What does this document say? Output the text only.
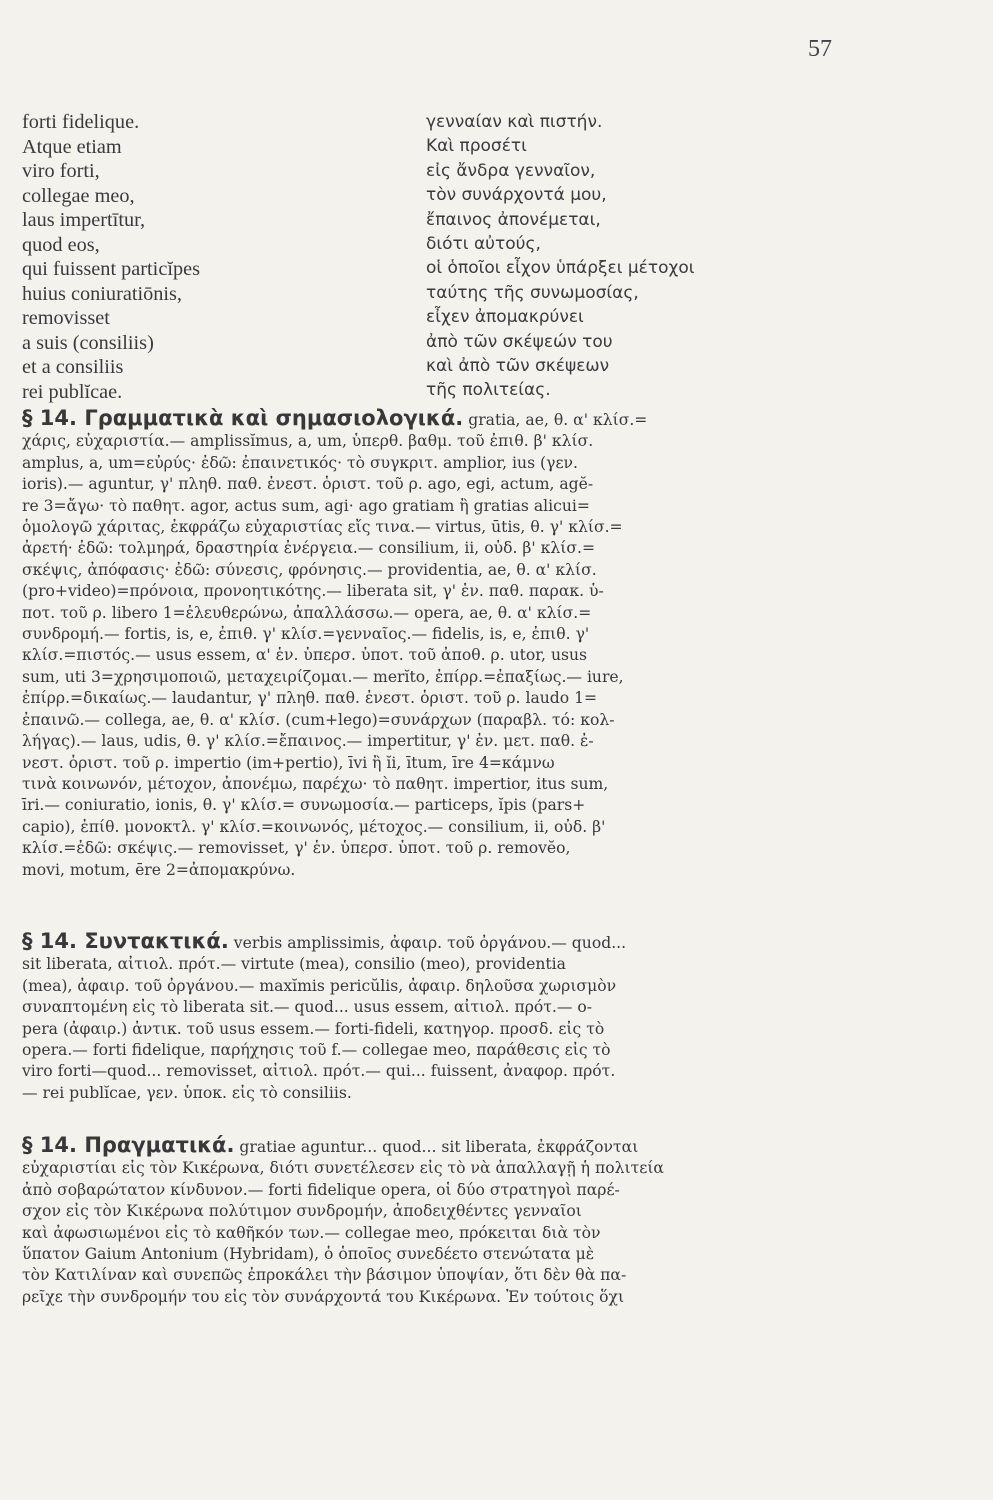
57
forti fidelique.
Atque etiam
viro forti,
collegae meo,
laus impertītur,
quod eos,
qui fuissent particĭpes
huius coniuratiōnis,
removisset
a suis (consiliis)
et a consiliis
rei publĭcae.
γενναίαν καὶ πιστήν.
Καὶ προσέτι
εἰς ἄνδρα γενναῖον,
τὸν συνάρχοντά μου,
ἔπαινος ἀπονέμεται,
διότι αὐτούς,
οἱ ὁποῖοι εἶχον ὑπάρξει μέτοχοι
ταύτης τῆς συνωμοσίας,
εἶχεν ἀπομακρύνει
ἀπὸ τῶν σκέψεών του
καὶ ἀπὸ τῶν σκέψεων
τῆς πολιτείας.
§ 14. Γραμματικὰ καὶ σημασιολογικά. gratia, ae, θ. α' κλίσ.=
χάρις, εὐχαριστία.— amplissĭmus, a, um, ὑπερθ. βαθμ. τοῦ ἐπιθ. β' κλίσ.
amplus, a, um=εὐρύς· ἐδῶ: ἐπαινετικός· τὸ συγκριτ. amplior, ius (γεν.
ioris).— aguntur, γ' πληθ. παθ. ἐνεστ. ὁριστ. τοῦ ρ. ago, egi, actum, agĕ-
re 3=ἄγω· τὸ παθητ. agor, actus sum, agi· ago gratiam ἢ gratias alicui=
ὁμολογῶ χάριτας, ἐκφράζω εὐχαριστίας εἴς τινα.— virtus, ūtis, θ. γ' κλίσ.=
ἀρετή· ἐδῶ: τολμηρά, δραστηρία ἐνέργεια.— consilium, ii, οὐδ. β' κλίσ.=
σκέψις, ἀπόφασις· ἐδῶ: σύνεσις, φρόνησις.— providentia, ae, θ. α' κλίσ.
(pro+video)=πρόνοια, προνοητικότης.— liberata sit, γ' ἑν. παθ. παρακ. ὑ-
ποτ. τοῦ ρ. libero 1=ἐλευθερώνω, ἀπαλλάσσω.— opera, ae, θ. α' κλίσ.=
συνδρομή.— fortis, is, e, ἐπιθ. γ' κλίσ.=γενναῖος.— fidelis, is, e, ἐπιθ. γ'
κλίσ.=πιστός.— usus essem, α' ἑν. ὑπερσ. ὑποτ. τοῦ ἀποθ. ρ. utor, usus
sum, uti 3=χρησιμοποιῶ, μεταχειρίζομαι.— merĭto, ἐπίρρ.=ἐπαξίως.— iure,
ἐπίρρ.=δικαίως.— laudantur, γ' πληθ. παθ. ἐνεστ. ὁριστ. τοῦ ρ. laudo 1=
ἐπαινῶ.— collega, ae, θ. α' κλίσ. (cum+lego)=συνάρχων (παραβλ. τό: κολ-
λήγας).— laus, udis, θ. γ' κλίσ.=ἔπαινος.— impertitur, γ' ἑν. μετ. παθ. ἐ-
νεστ. ὁριστ. τοῦ ρ. impertio (im+pertio), īvi ἢ ĭi, ītum, īre 4=κάμνω
τινὰ κοινωνόν, μέτοχον, ἀπονέμω, παρέχω· τὸ παθητ. impertior, itus sum,
īri.— coniuratio, ionis, θ. γ' κλίσ.= συνωμοσία.— particeps, ĭpis (pars+
capio), ἐπίθ. μονοκτλ. γ' κλίσ.=κοινωνός, μέτοχος.— consilium, ii, οὐδ. β'
κλίσ.=ἐδῶ: σκέψις.— removisset, γ' ἑν. ὑπερσ. ὑποτ. τοῦ ρ. removĕo,
movi, motum, ēre 2=ἀπομακρύνω.
§ 14. Συντακτικά. verbis amplissimis, ἀφαιρ. τοῦ ὀργάνου.— quod...
sit liberata, αἰτιολ. πρότ.— virtute (mea), consilio (meo), providentia
(mea), ἀφαιρ. τοῦ ὀργάνου.— maxĭmis pericŭlis, ἀφαιρ. δηλοῦσα χωρισμὸν
συναπτομένη εἰς τὸ liberata sit.— quod... usus essem, αἰτιολ. πρότ.— o-
pera (ἀφαιρ.) ἀντικ. τοῦ usus essem.— forti-fideli, κατηγορ. προσδ. εἰς τὸ
opera.— forti fidelique, παρήχησις τοῦ f.— collegae meo, παράθεσις εἰς τὸ
viro forti—quod... removisset, αἰτιολ. πρότ.— qui... fuissent, ἀναφορ. πρότ.
— rei publĭcae, γεν. ὑποκ. εἰς τὸ consiliis.
§ 14. Πραγματικά. gratiae aguntur... quod... sit liberata, ἐκφράζονται
εὐχαριστίαι εἰς τὸν Κικέρωνα, διότι συνετέλεσεν εἰς τὸ νὰ ἀπαλλαγῇ ἡ πολιτεία
ἀπὸ σοβαρώτατον κίνδυνον.— forti fidelique opera, οἱ δύο στρατηγοὶ παρέ-
σχον εἰς τὸν Κικέρωνα πολύτιμον συνδρομήν, ἀποδειχθέντες γενναῖοι
καὶ ἀφωσιωμένοι εἰς τὸ καθῆκόν των.— collegae meo, πρόκειται διὰ τὸν
ὕπατον Gaium Antonium (Hybridam), ὁ ὁποῖος συνεδέετο στενώτατα μὲ
τὸν Κατιλίναν καὶ συνεπῶς ἐπροκάλει τὴν βάσιμον ὑποψίαν, ὅτι δὲν θὰ πα-
ρεῖχε τὴν συνδρομήν του εἰς τὸν συνάρχοντά του Κικέρωνα. Ἐν τούτοις ὅχι
